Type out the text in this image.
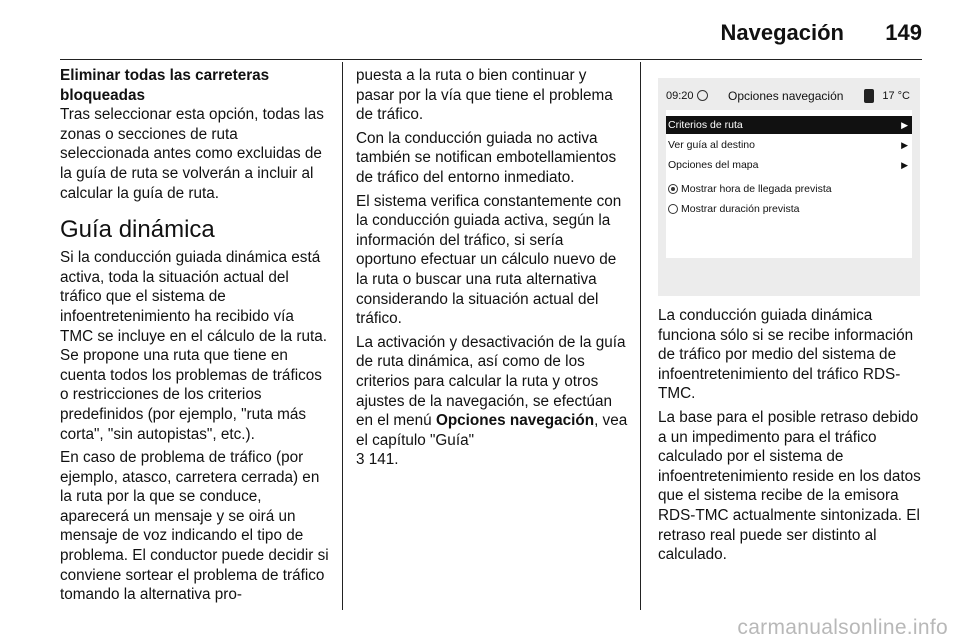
Navegación 149
Eliminar todas las carreteras bloqueadas
Tras seleccionar esta opción, todas las zonas o secciones de ruta seleccionada antes como excluidas de la guía de ruta se volverán a incluir al calcular la guía de ruta.
Guía dinámica
Si la conducción guiada dinámica está activa, toda la situación actual del tráfico que el sistema de infoentretenimiento ha recibido vía TMC se incluye en el cálculo de la ruta. Se propone una ruta que tiene en cuenta todos los problemas de tráficos o restricciones de los criterios predefinidos (por ejemplo, "ruta más corta", "sin autopistas", etc.).
En caso de problema de tráfico (por ejemplo, atasco, carretera cerrada) en la ruta por la que se conduce, aparecerá un mensaje y se oirá un mensaje de voz indicando el tipo de problema. El conductor puede decidir si conviene sortear el problema de tráfico tomando la alternativa pro-
puesta a la ruta o bien continuar y pasar por la vía que tiene el problema de tráfico.
Con la conducción guiada no activa también se notifican embotellamientos de tráfico del entorno inmediato.
El sistema verifica constantemente con la conducción guiada activa, según la información del tráfico, si sería oportuno efectuar un cálculo nuevo de la ruta o buscar una ruta alternativa considerando la situación actual del tráfico.
La activación y desactivación de la guía de ruta dinámica, así como de los criterios para calcular la ruta y otros ajustes de la navegación, se efectúan en el menú Opciones navegación, vea el capítulo "Guía"
3 141.
09:20	Opciones navegación	17 °C
Criterios de ruta	▶
Ver guía al destino	▶
Opciones del mapa	▶
Mostrar hora de llegada prevista
Mostrar duración prevista
La conducción guiada dinámica funciona sólo si se recibe información de tráfico por medio del sistema de infoentretenimiento del tráfico RDS-TMC.
La base para el posible retraso debido a un impedimento para el tráfico calculado por el sistema de infoentretenimiento reside en los datos que el sistema recibe de la emisora RDS-TMC actualmente sintonizada. El retraso real puede ser distinto al calculado.
carmanualsonline.info
